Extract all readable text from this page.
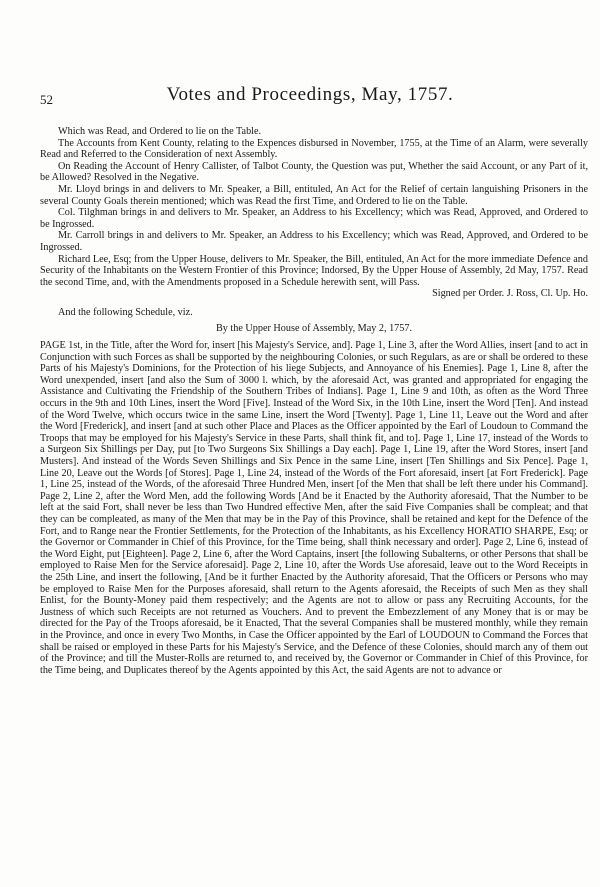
52	Votes and Proceedings, May, 1757.

Which was Read, and Ordered to lie on the Table.

The Accounts from Kent County, relating to the Expences disbursed in November, 1755, at the Time of an Alarm, were severally Read and Referred to the Consideration of next Assembly.

On Reading the Account of Henry Callister, of Talbot County, the Question was put, Whether the said Account, or any Part of it, be Allowed? Resolved in the Negative.

Mr. Lloyd brings in and delivers to Mr. Speaker, a Bill, entituled, An Act for the Relief of certain languishing Prisoners in the several County Goals therein mentioned; which was Read the first Time, and Ordered to lie on the Table.

Col. Tilghman brings in and delivers to Mr. Speaker, an Address to his Excellency; which was Read, Approved, and Ordered to be Ingrossed.

Mr. Carroll brings in and delivers to Mr. Speaker, an Address to his Excellency; which was Read, Approved, and Ordered to be Ingrossed.

Richard Lee, Esq; from the Upper House, delivers to Mr. Speaker, the Bill, entituled, An Act for the more immediate Defence and Security of the Inhabitants on the Western Frontier of this Province; Indorsed, By the Upper House of Assembly, 2d May, 1757. Read the second Time, and, with the Amendments proposed in a Schedule herewith sent, will Pass.

Signed per Order. J. Ross, Cl. Up. Ho.

And the following Schedule, viz.

By the Upper House of Assembly, May 2, 1757.

PAGE 1st, in the Title, after the Word for, insert [his Majesty's Service, and]. Page 1, Line 3, after the Word Allies, insert [and to act in Conjunction with such Forces as shall be supported by the neighbouring Colonies, or such Regulars, as are or shall be ordered to these Parts of his Majesty's Dominions, for the Protection of his liege Subjects, and Annoyance of his Enemies]. Page 1, Line 8, after the Word unexpended, insert [and also the Sum of 3000 l. which, by the aforesaid Act, was granted and appropriated for engaging the Assistance and Cultivating the Friendship of the Southern Tribes of Indians]. Page 1, Line 9 and 10th, as often as the Word Three occurs in the 9th and 10th Lines, insert the Word [Five]. Instead of the Word Six, in the 10th Line, insert the Word [Ten]. And instead of the Word Twelve, which occurs twice in the same Line, insert the Word [Twenty]. Page 1, Line 11, Leave out the Word and after the Word [Frederick], and insert [and at such other Place and Places as the Officer appointed by the Earl of Loudoun to Command the Troops that may be employed for his Majesty's Service in these Parts, shall think fit, and to]. Page 1, Line 17, instead of the Words to a Surgeon Six Shillings per Day, put [to Two Surgeons Six Shillings a Day each]. Page 1, Line 19, after the Word Stores, insert [and Musters]. And instead of the Words Seven Shillings and Six Pence in the same Line, insert [Ten Shillings and Six Pence]. Page 1, Line 20, Leave out the Words [of Stores]. Page 1, Line 24, instead of the Words of the Fort aforesaid, insert [at Fort Frederick]. Page 1, Line 25, instead of the Words, of the aforesaid Three Hundred Men, insert [of the Men that shall be left there under his Command]. Page 2, Line 2, after the Word Men, add the following Words [And be it Enacted by the Authority aforesaid, That the Number to be left at the said Fort, shall never be less than Two Hundred effective Men, after the said Five Companies shall be compleat; and that they can be compleated, as many of the Men that may be in the Pay of this Province, shall be retained and kept for the Defence of the Fort, and to Range near the Frontier Settlements, for the Protection of the Inhabitants, as his Excellency HORATIO SHARPE, Esq; or the Governor or Commander in Chief of this Province, for the Time being, shall think necessary and order]. Page 2, Line 6, instead of the Word Eight, put [Eighteen]. Page 2, Line 6, after the Word Captains, insert [the following Subalterns, or other Persons that shall be employed to Raise Men for the Service aforesaid]. Page 2, Line 10, after the Words Use aforesaid, leave out to the Word Receipts in the 25th Line, and insert the following, [And be it further Enacted by the Authority aforesaid, That the Officers or Persons who may be employed to Raise Men for the Purposes aforesaid, shall return to the Agents aforesaid, the Receipts of such Men as they shall Enlist, for the Bounty-Money paid them respectively; and the Agents are not to allow or pass any Recruiting Accounts, for the Justness of which such Receipts are not returned as Vouchers. And to prevent the Embezzlement of any Money that is or may be directed for the Pay of the Troops aforesaid, be it Enacted, That the several Companies shall be mustered monthly, while they remain in the Province, and once in every Two Months, in Case the Officer appointed by the Earl of LOUDOUN to Command the Forces that shall be raised or employed in these Parts for his Majesty's Service, and the Defence of these Colonies, should march any of them out of the Province; and till the Muster-Rolls are returned to, and received by, the Governor or Commander in Chief of this Province, for the Time being, and Duplicates thereof by the Agents appointed by this Act, the said Agents are not to advance or
